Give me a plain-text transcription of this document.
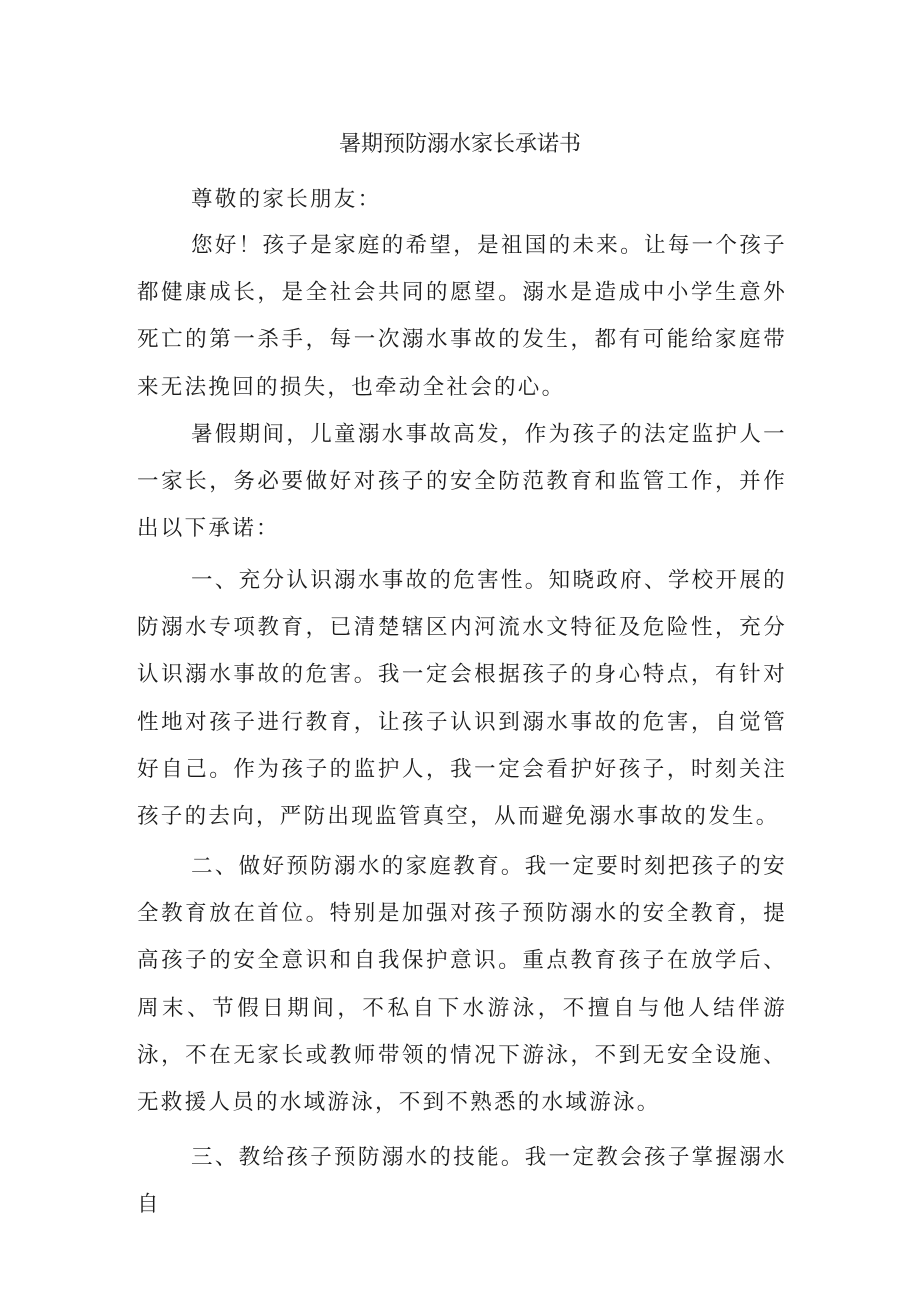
暑期预防溺水家长承诺书

尊敬的家长朋友：

您好！孩子是家庭的希望，是祖国的未来。让每一个孩子都健康成长，是全社会共同的愿望。溺水是造成中小学生意外死亡的第一杀手，每一次溺水事故的发生，都有可能给家庭带来无法挽回的损失，也牵动全社会的心。

暑假期间，儿童溺水事故高发，作为孩子的法定监护人一一家长，务必要做好对孩子的安全防范教育和监管工作，并作出以下承诺：

一、充分认识溺水事故的危害性。知晓政府、学校开展的防溺水专项教育，已清楚辖区内河流水文特征及危险性，充分认识溺水事故的危害。我一定会根据孩子的身心特点，有针对性地对孩子进行教育，让孩子认识到溺水事故的危害，自觉管好自己。作为孩子的监护人，我一定会看护好孩子，时刻关注孩子的去向，严防出现监管真空，从而避免溺水事故的发生。

二、做好预防溺水的家庭教育。我一定要时刻把孩子的安全教育放在首位。特别是加强对孩子预防溺水的安全教育，提高孩子的安全意识和自我保护意识。重点教育孩子在放学后、周末、节假日期间，不私自下水游泳，不擅自与他人结伴游泳，不在无家长或教师带领的情况下游泳，不到无安全设施、无救援人员的水域游泳，不到不熟悉的水域游泳。

三、教给孩子预防溺水的技能。我一定教会孩子掌握溺水自
